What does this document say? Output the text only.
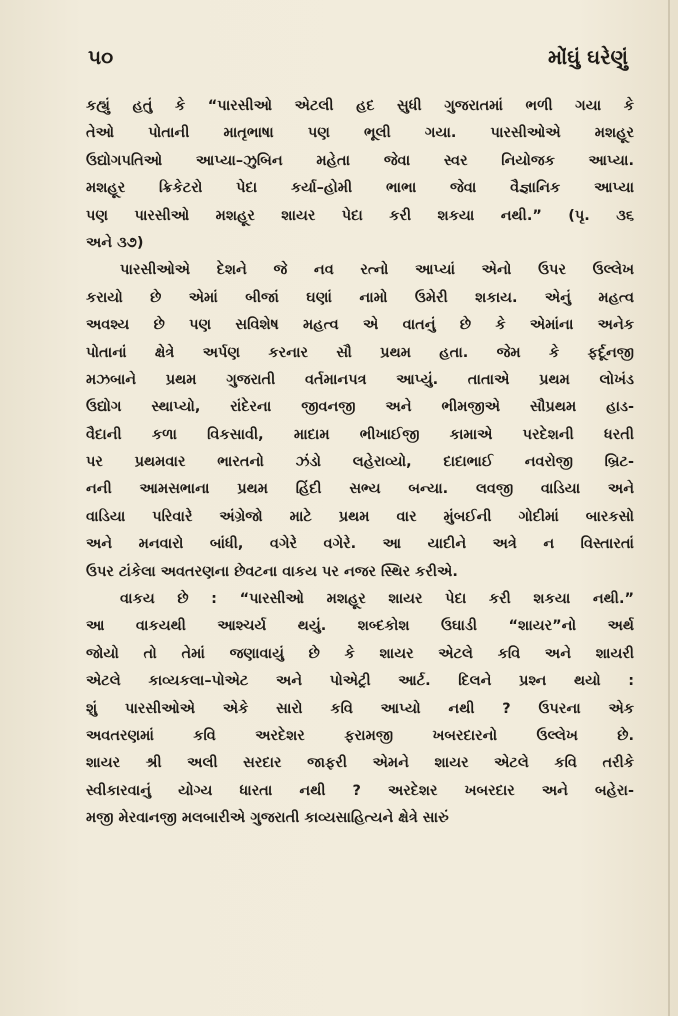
૫૦	મોંઘું ઘરેણું
કહ્યું હતું કે “પારસીઓ એટલી હદ સુધી ગુજરાતમાં ભળી ગયા કે
તેઓ પોતાની માતૃભાષા પણ ભૂલી ગયા. પારસીઓએ મશહૂર
ઉદ્યોગપતિઓ આપ્યા–ઝુબિન મહેતા જેવા સ્વર નિયોજક આપ્યા.
મશહૂર ક્રિકેટરો પેદા કર્યા–હોમી ભાભા જેવા વૈજ્ઞાનિક આપ્યા
પણ પારસીઓ મશહૂર શાયર પેદા કરી શકયા નથી.” (પૃ. ૩૬
અને ૩૭)
પારસીઓએ દેશને જે નવ રત્નો આપ્યાં એનો ઉપર ઉલ્લેખ
કરાયો છે એમાં બીજાં ઘણાં નામો ઉમેરી શકાય. એનું મહત્વ
અવશ્ય છે પણ સવિશેષ મહત્વ એ વાતનું છે કે એમાંના અનેક
પોતાનાં ક્ષેત્રે અર્પણ કરનાર સૌ પ્રથમ હતા. જેમ કે ફર્દૂનજી
મઝબાને પ્રથમ ગુજરાતી વર્તમાનપત્ર આપ્યું. તાતાએ પ્રથમ લોખંડ
ઉદ્યોગ સ્થાપ્યો, રાંદેરના જીવનજી અને ભીમજીએ સૌપ્રથમ હાડ-
વૈદાની કળા વિકસાવી, માદામ ભીખાઈજી કામાએ પરદેશની ધરતી
પર પ્રથમવાર ભારતનો ઝંડો લહેરાવ્યો, દાદાભાઈ નવરોજી બ્રિટ-
નની આમસભાના પ્રથમ હિંદી સભ્ય બન્યા. લવજી વાડિયા અને
વાડિયા પરિવારે અંગ્રેજો માટે પ્રથમ વાર મુંબઈની ગોદીમાં બારકસો
અને મનવારો બાંધી, વગેરે વગેરે. આ યાદીને અત્રે ન વિસ્તારતાં
ઉપર ટાંકેલા અવતરણના છેવટના વાકય પર નજર સ્થિર કરીએ.
વાકય છે : “પારસીઓ મશહૂર શાયર પેદા કરી શકયા નથી.”
આ વાકયથી આશ્ચર્ય થયું. શબ્દકોશ ઉઘાડી “શાયર”નો અર્થ
જોયો તો તેમાં જણાવાયું છે કે શાયર એટલે કવિ અને શાયરી
એટલે કાવ્યકલા–પોએટ અને પોએટ્રી આર્ટ. દિલને પ્રશ્ન થયો :
શું પારસીઓએ એકે સારો કવિ આપ્યો નથી ? ઉપરના એક
અવતરણમાં કવિ અરદેશર ફરામજી ખબરદારનો ઉલ્લેખ છે.
શાયર શ્રી અલી સરદાર જાફરી એમને શાયર એટલે કવિ તરીકે
સ્વીકારવાનું યોગ્ય ધારતા નથી ? અરદેશર ખબરદાર અને બહેરા-
મજી મેરવાનજી મલબારીએ ગુજરાતી કાવ્યસાહિત્યને ક્ષેત્રે સારું
